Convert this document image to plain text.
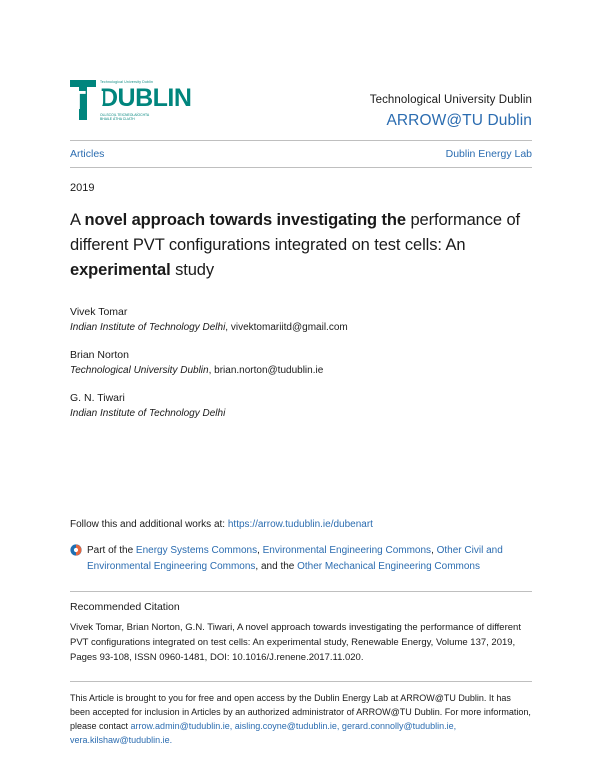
TU
Technological University Dublin
DUBLIN
OLLSCOIL TEICNEOLAÍOCHTA BHAILE ÁTHA CLIATH
Technological University Dublin
ARROW@TU Dublin
Articles	Dublin Energy Lab
2019
A novel approach towards investigating the performance of different PVT configurations integrated on test cells: An experimental study
Vivek Tomar
Indian Institute of Technology Delhi, vivektomariitd@gmail.com
Brian Norton
Technological University Dublin, brian.norton@tudublin.ie
G. N. Tiwari
Indian Institute of Technology Delhi
Follow this and additional works at: https://arrow.tudublin.ie/dubenart
Part of the Energy Systems Commons, Environmental Engineering Commons, Other Civil and Environmental Engineering Commons, and the Other Mechanical Engineering Commons
Recommended Citation
Vivek Tomar, Brian Norton, G.N. Tiwari, A novel approach towards investigating the performance of different PVT configurations integrated on test cells: An experimental study, Renewable Energy, Volume 137, 2019, Pages 93-108, ISSN 0960-1481, DOI: 10.1016/J.renene.2017.11.020.
This Article is brought to you for free and open access by the Dublin Energy Lab at ARROW@TU Dublin. It has been accepted for inclusion in Articles by an authorized administrator of ARROW@TU Dublin. For more information, please contact arrow.admin@tudublin.ie, aisling.coyne@tudublin.ie, gerard.connolly@tudublin.ie, vera.kilshaw@tudublin.ie.
